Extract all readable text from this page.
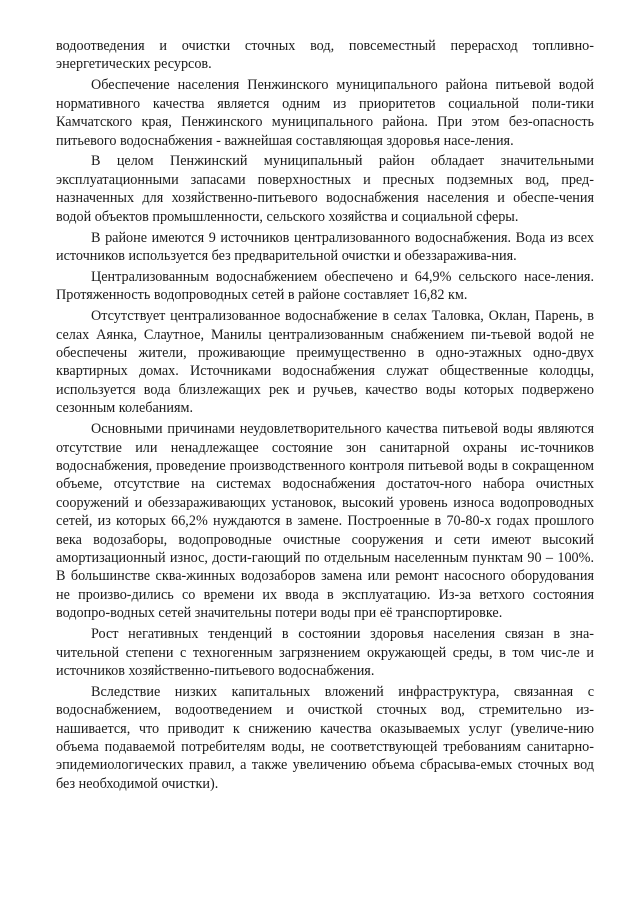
водоотведения и очистки сточных вод, повсеместный перерасход топливно-энергетических ресурсов.

Обеспечение населения Пенжинского муниципального района питьевой водой нормативного качества является одним из приоритетов социальной поли-тики Камчатского края, Пенжинского муниципального района. При этом без-опасность питьевого водоснабжения - важнейшая составляющая здоровья насе-ления.

В целом Пенжинский муниципальный район обладает значительными эксплуатационными запасами поверхностных и пресных подземных вод, пред-назначенных для хозяйственно-питьевого водоснабжения населения и обеспе-чения водой объектов промышленности, сельского хозяйства и социальной сферы.

В районе имеются 9 источников централизованного водоснабжения. Вода из всех источников используется без предварительной очистки и обеззаражива-ния.

Централизованным водоснабжением обеспечено и 64,9% сельского насе-ления. Протяженность водопроводных сетей в районе составляет 16,82 км.

Отсутствует централизованное водоснабжение в селах Таловка, Оклан, Парень, в селах Аянка, Слаутное, Манилы централизованным снабжением пи-тьевой водой не обеспечены жители, проживающие преимущественно в одно-этажных одно-двух квартирных домах. Источниками водоснабжения служат общественные колодцы, используется вода близлежащих рек и ручьев, качество воды которых подвержено сезонным колебаниям.

Основными причинами неудовлетворительного качества питьевой воды являются отсутствие или ненадлежащее состояние зон санитарной охраны ис-точников водоснабжения, проведение производственного контроля питьевой воды в сокращенном объеме, отсутствие на системах водоснабжения достаточ-ного набора очистных сооружений и обеззараживающих установок, высокий уровень износа водопроводных сетей, из которых 66,2% нуждаются в замене. Построенные в 70-80-х годах прошлого века водозаборы, водопроводные очистные сооружения и сети имеют высокий амортизационный износ, дости-гающий по отдельным населенным пунктам 90 – 100%. В большинстве сква-жинных водозаборов замена или ремонт насосного оборудования не произво-дились со времени их ввода в эксплуатацию. Из-за ветхого состояния водопро-водных сетей значительны потери воды при её транспортировке.

Рост негативных тенденций в состоянии здоровья населения связан в зна-чительной степени с техногенным загрязнением окружающей среды, в том чис-ле и источников хозяйственно-питьевого водоснабжения.

Вследствие низких капитальных вложений инфраструктура, связанная с водоснабжением, водоотведением и очисткой сточных вод, стремительно из-нашивается, что приводит к снижению качества оказываемых услуг (увеличе-нию объема подаваемой потребителям воды, не соответствующей требованиям санитарно-эпидемиологических правил, а также увеличению объема сбрасыва-емых сточных вод без необходимой очистки).
